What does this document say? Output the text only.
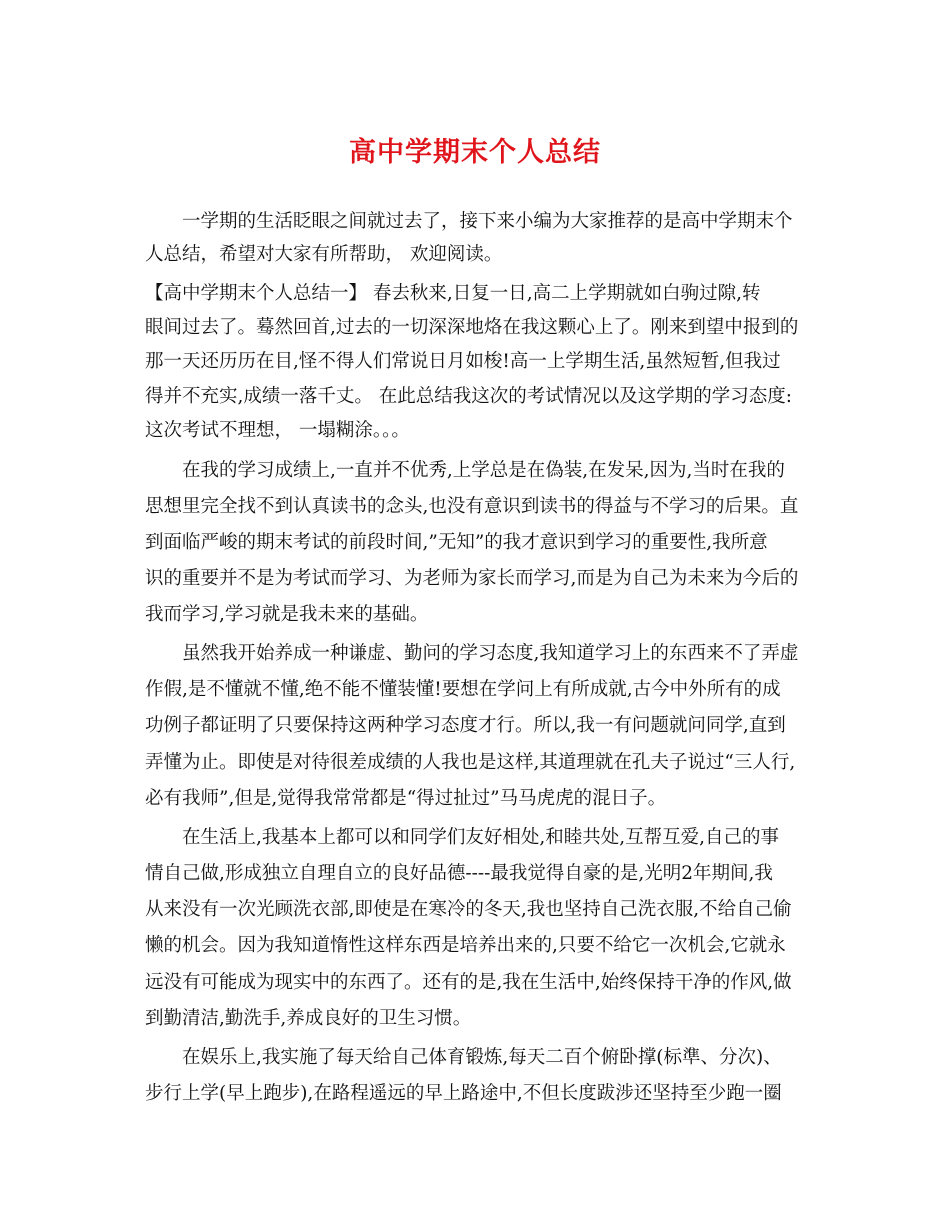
高中学期末个人总结
一学期的生活眨眼之间就过去了，接下来小编为大家推荐的是高中学期末个
人总结，希望对大家有所帮助， 欢迎阅读。
【高中学期末个人总结一】 春去秋来,日复一日,高二上学期就如白驹过隙,转
眼间过去了。蓦然回首,过去的一切深深地烙在我这颗心上了。刚来到望中报到的
那一天还历历在目,怪不得人们常说日月如梭!高一上学期生活,虽然短暂,但我过
得并不充实,成绩一落千丈。 在此总结我这次的考试情况以及这学期的学习态度:
这次考试不理想， 一塌糊涂。。。
在我的学习成绩上,一直并不优秀,上学总是在偽装,在发呆,因为,当时在我的
思想里完全找不到认真读书的念头,也没有意识到读书的得益与不学习的后果。直
到面临严峻的期末考试的前段时间,”无知”的我才意识到学习的重要性,我所意
识的重要并不是为考试而学习、为老师为家长而学习,而是为自己为未来为今后的
我而学习,学习就是我未来的基础。
虽然我开始养成一种谦虚、勤问的学习态度,我知道学习上的东西来不了弄虚
作假,是不懂就不懂,绝不能不懂装懂!要想在学问上有所成就,古今中外所有的成
功例子都证明了只要保持这两种学习态度才行。所以,我一有问题就问同学,直到
弄懂为止。即使是对待很差成绩的人我也是这样,其道理就在孔夫子说过“三人行,
必有我师”,但是,觉得我常常都是“得过扯过”马马虎虎的混日子。
在生活上,我基本上都可以和同学们友好相处,和睦共处,互帮互爱,自己的事
情自己做,形成独立自理自立的良好品德----最我觉得自豪的是,光明2年期间,我
从来没有一次光顾洗衣部,即使是在寒冷的冬天,我也坚持自己洗衣服,不给自己偷
懒的机会。因为我知道惰性这样东西是培养出来的,只要不给它一次机会,它就永
远没有可能成为现实中的东西了。还有的是,我在生活中,始终保持干净的作风,做
到勤清洁,勤洗手,养成良好的卫生习惯。
在娱乐上,我实施了每天给自己体育锻炼,每天二百个俯卧撑(标準、分次)、
步行上学(早上跑步),在路程遥远的早上路途中,不但长度跋涉还坚持至少跑一圈
